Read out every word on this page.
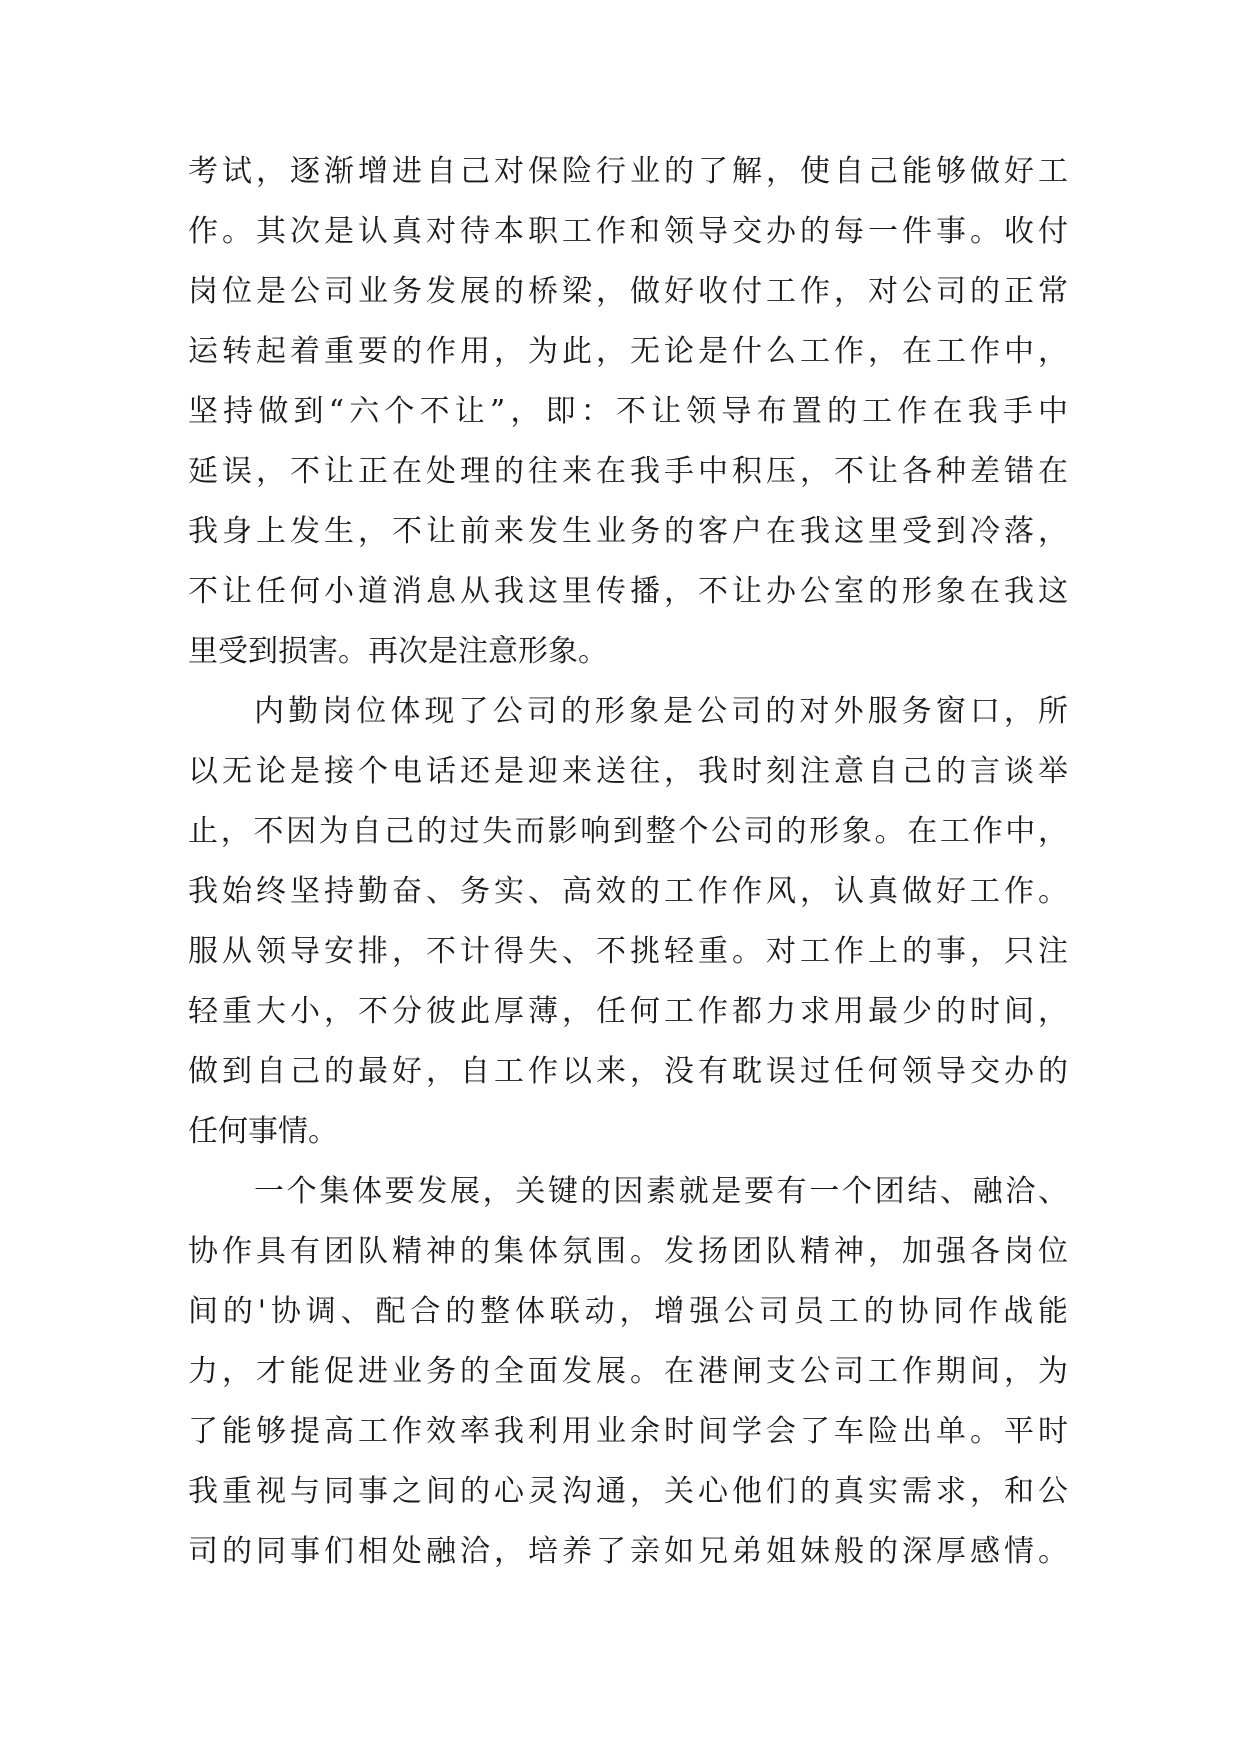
考试，逐渐增进自己对保险行业的了解，使自己能够做好工
作。其次是认真对待本职工作和领导交办的每一件事。收付
岗位是公司业务发展的桥梁，做好收付工作，对公司的正常
运转起着重要的作用，为此，无论是什么工作，在工作中，
坚持做到“六个不让”，即：不让领导布置的工作在我手中
延误，不让正在处理的往来在我手中积压，不让各种差错在
我身上发生，不让前来发生业务的客户在我这里受到冷落，
不让任何小道消息从我这里传播，不让办公室的形象在我这
里受到损害。再次是注意形象。
内勤岗位体现了公司的形象是公司的对外服务窗口，所
以无论是接个电话还是迎来送往，我时刻注意自己的言谈举
止，不因为自己的过失而影响到整个公司的形象。在工作中，
我始终坚持勤奋、务实、高效的工作作风，认真做好工作。
服从领导安排，不计得失、不挑轻重。对工作上的事，只注
轻重大小，不分彼此厚薄，任何工作都力求用最少的时间，
做到自己的最好，自工作以来，没有耽误过任何领导交办的
任何事情。
一个集体要发展，关键的因素就是要有一个团结、融洽、
协作具有团队精神的集体氛围。发扬团队精神，加强各岗位
间的'协调、配合的整体联动，增强公司员工的协同作战能
力，才能促进业务的全面发展。在港闸支公司工作期间，为
了能够提高工作效率我利用业余时间学会了车险出单。平时
我重视与同事之间的心灵沟通，关心他们的真实需求，和公
司的同事们相处融洽，培养了亲如兄弟姐妹般的深厚感情。
